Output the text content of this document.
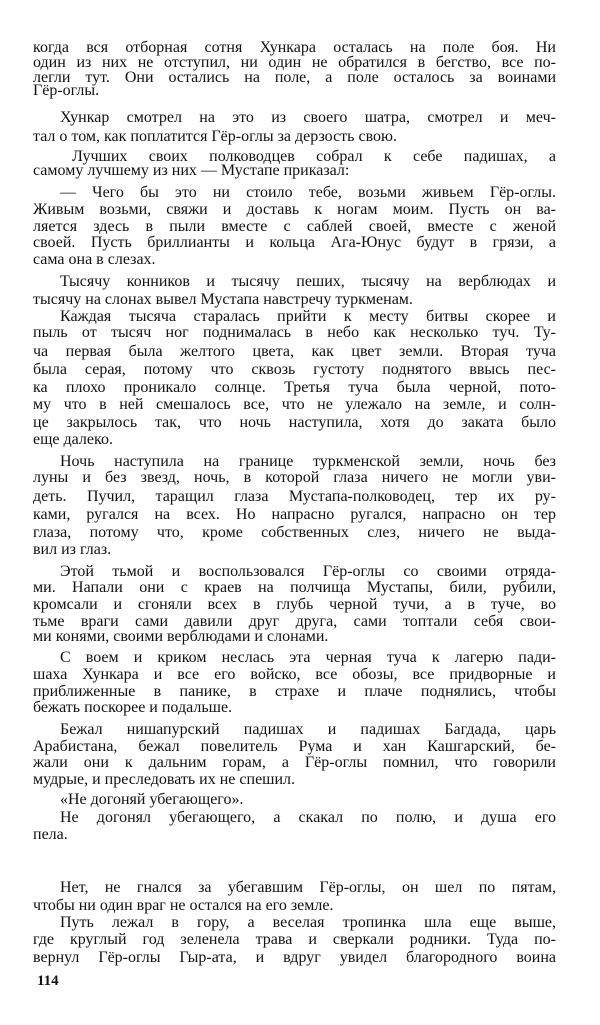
114
когда вся отборная сотня Хункара осталась на поле боя. Ни
один из них не отступил, ни один не обратился в бегство, все по-
легли тут. Они остались на поле, а поле осталось за воинами
Гёр-оглы.
Хункар смотрел на это из своего шатра, смотрел и меч-
тал о том, как поплатится Гёр-оглы за дерзость свою.
Лучших своих полководцев собрал к себе падишах, а
самому лучшему из них — Мустапе приказал:
— Чего бы это ни стоило тебе, возьми живьем Гёр-оглы.
Живым возьми, свяжи и доставь к ногам моим. Пусть он ва-
ляется здесь в пыли вместе с саблей своей, вместе с женой
своей. Пусть бриллианты и кольца Ага-Юнус будут в грязи, а
сама она в слезах.
Тысячу конников и тысячу пеших, тысячу на верблюдах и
тысячу на слонах вывел Мустапа навстречу туркменам.
Каждая тысяча старалась прийти к месту битвы скорее и
пыль от тысяч ног поднималась в небо как несколько туч. Ту-
ча первая была желтого цвета, как цвет земли. Вторая туча
была серая, потому что сквозь густоту поднятого ввысь пес-
ка плохо проникало солнце. Третья туча была черной, пото-
му что в ней смешалось все, что не улежало на земле, и солн-
це закрылось так, что ночь наступила, хотя до заката было
еще далеко.
Ночь наступила на границе туркменской земли, ночь без
луны и без звезд, ночь, в которой глаза ничего не могли уви-
деть. Пучил, таращил глаза Мустапа-полководец, тер их ру-
ками, ругался на всех. Но напрасно ругался, напрасно он тер
глаза, потому что, кроме собственных слез, ничего не выда-
вил из глаз.
Этой тьмой и воспользовался Гёр-оглы со своими отряда-
ми. Напали они с краев на полчища Мустапы, били, рубили,
кромсали и сгоняли всех в глубь черной тучи, а в туче, во
тьме враги сами давили друг друга, сами топтали себя свои-
ми конями, своими верблюдами и слонами.
С воем и криком неслась эта черная туча к лагерю пади-
шаха Хункара и все его войско, все обозы, все придворные и
приближенные в панике, в страхе и плаче поднялись, чтобы
бежать поскорее и подальше.
Бежал нишапурский падишах и падишах Багдада, царь
Арабистана, бежал повелитель Рума и хан Кашгарский, бе-
жали они к дальним горам, а Гёр-оглы помнил, что говорили
мудрые, и преследовать их не спешил.
«Не догоняй убегающего».
Не догонял убегающего, а скакал по полю, и душа его
пела.
Нет, не гнался за убегавшим Гёр-оглы, он шел по пятам,
чтобы ни один враг не остался на его земле.
Путь лежал в гору, а веселая тропинка шла еще выше,
где круглый год зеленела трава и сверкали родники. Туда по-
вернул Гёр-оглы Гыр-ата, и вдруг увидел благородного воина
